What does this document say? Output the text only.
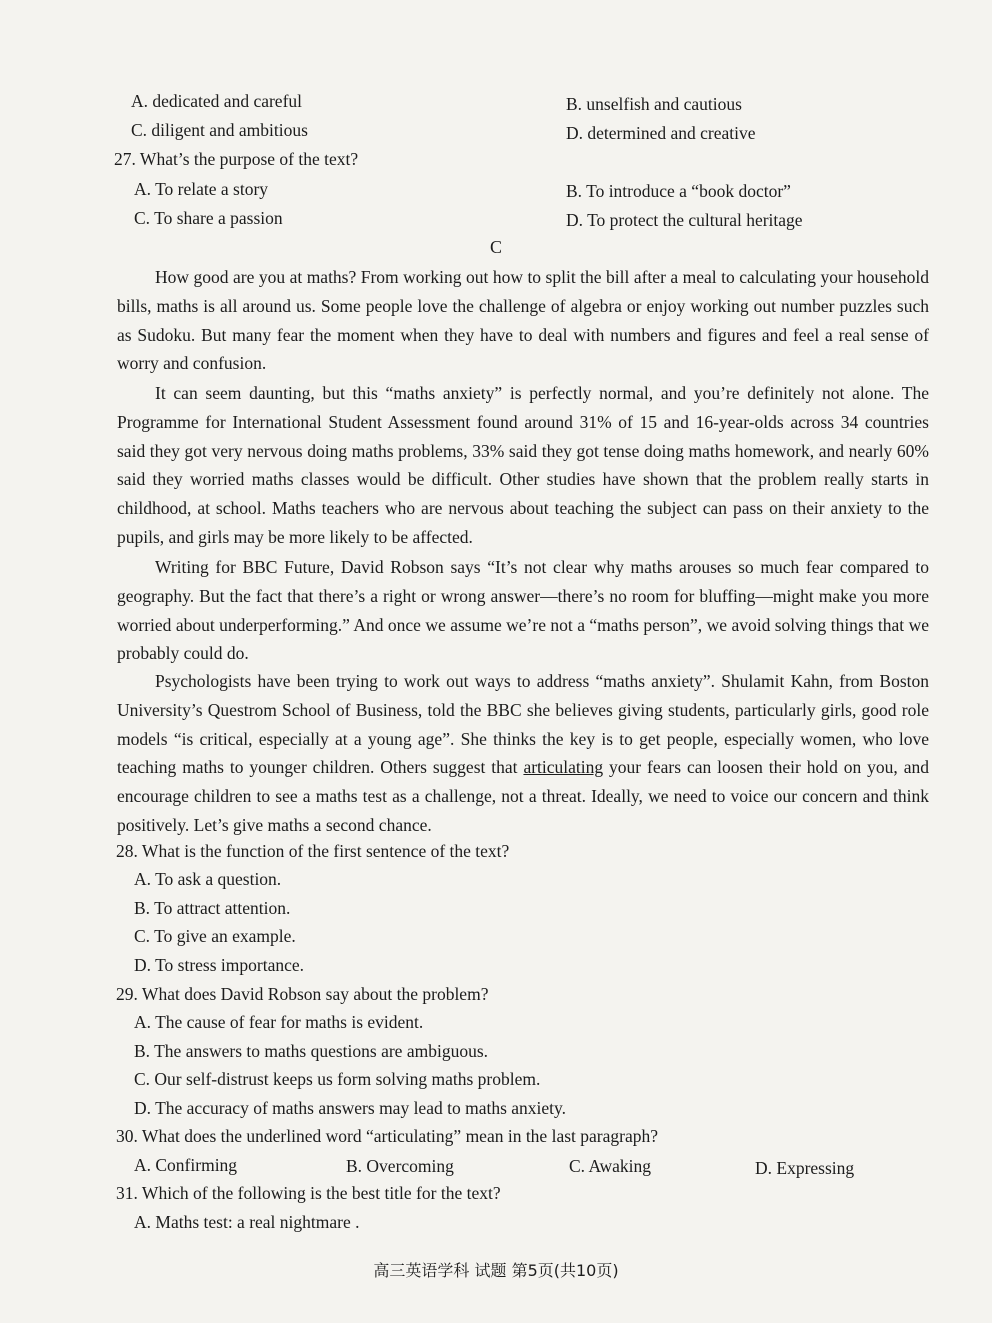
A. dedicated and careful	B. unselfish and cautious
C. diligent and ambitious	D. determined and creative
27. What’s the purpose of the text?
A. To relate a story	B. To introduce a “book doctor”
C. To share a passion	D. To protect the cultural heritage
C
How good are you at maths? From working out how to split the bill after a meal to calculating your household bills, maths is all around us. Some people love the challenge of algebra or enjoy working out number puzzles such as Sudoku. But many fear the moment when they have to deal with numbers and figures and feel a real sense of worry and confusion.
It can seem daunting, but this “maths anxiety” is perfectly normal, and you’re definitely not alone. The Programme for International Student Assessment found around 31% of 15 and 16-year-olds across 34 countries said they got very nervous doing maths problems, 33% said they got tense doing maths homework, and nearly 60% said they worried maths classes would be difficult. Other studies have shown that the problem really starts in childhood, at school. Maths teachers who are nervous about teaching the subject can pass on their anxiety to the pupils, and girls may be more likely to be affected.
Writing for BBC Future, David Robson says “It’s not clear why maths arouses so much fear compared to geography. But the fact that there’s a right or wrong answer—there’s no room for bluffing—might make you more worried about underperforming.” And once we assume we’re not a “maths person”, we avoid solving things that we probably could do.
Psychologists have been trying to work out ways to address “maths anxiety”. Shulamit Kahn, from Boston University’s Questrom School of Business, told the BBC she believes giving students, particularly girls, good role models “is critical, especially at a young age”. She thinks the key is to get people, especially women, who love teaching maths to younger children. Others suggest that articulating your fears can loosen their hold on you, and encourage children to see a maths test as a challenge, not a threat. Ideally, we need to voice our concern and think positively. Let’s give maths a second chance.
28. What is the function of the first sentence of the text?
A. To ask a question.
B. To attract attention.
C. To give an example.
D. To stress importance.
29. What does David Robson say about the problem?
A. The cause of fear for maths is evident.
B. The answers to maths questions are ambiguous.
C. Our self-distrust keeps us form solving maths problem.
D. The accuracy of maths answers may lead to maths anxiety.
30. What does the underlined word “articulating” mean in the last paragraph?
A. Confirming	B. Overcoming	C. Awaking	D. Expressing
31. Which of the following is the best title for the text?
A. Maths test: a real nightmare .
高三英语学科 试题 第5页(共10页)
